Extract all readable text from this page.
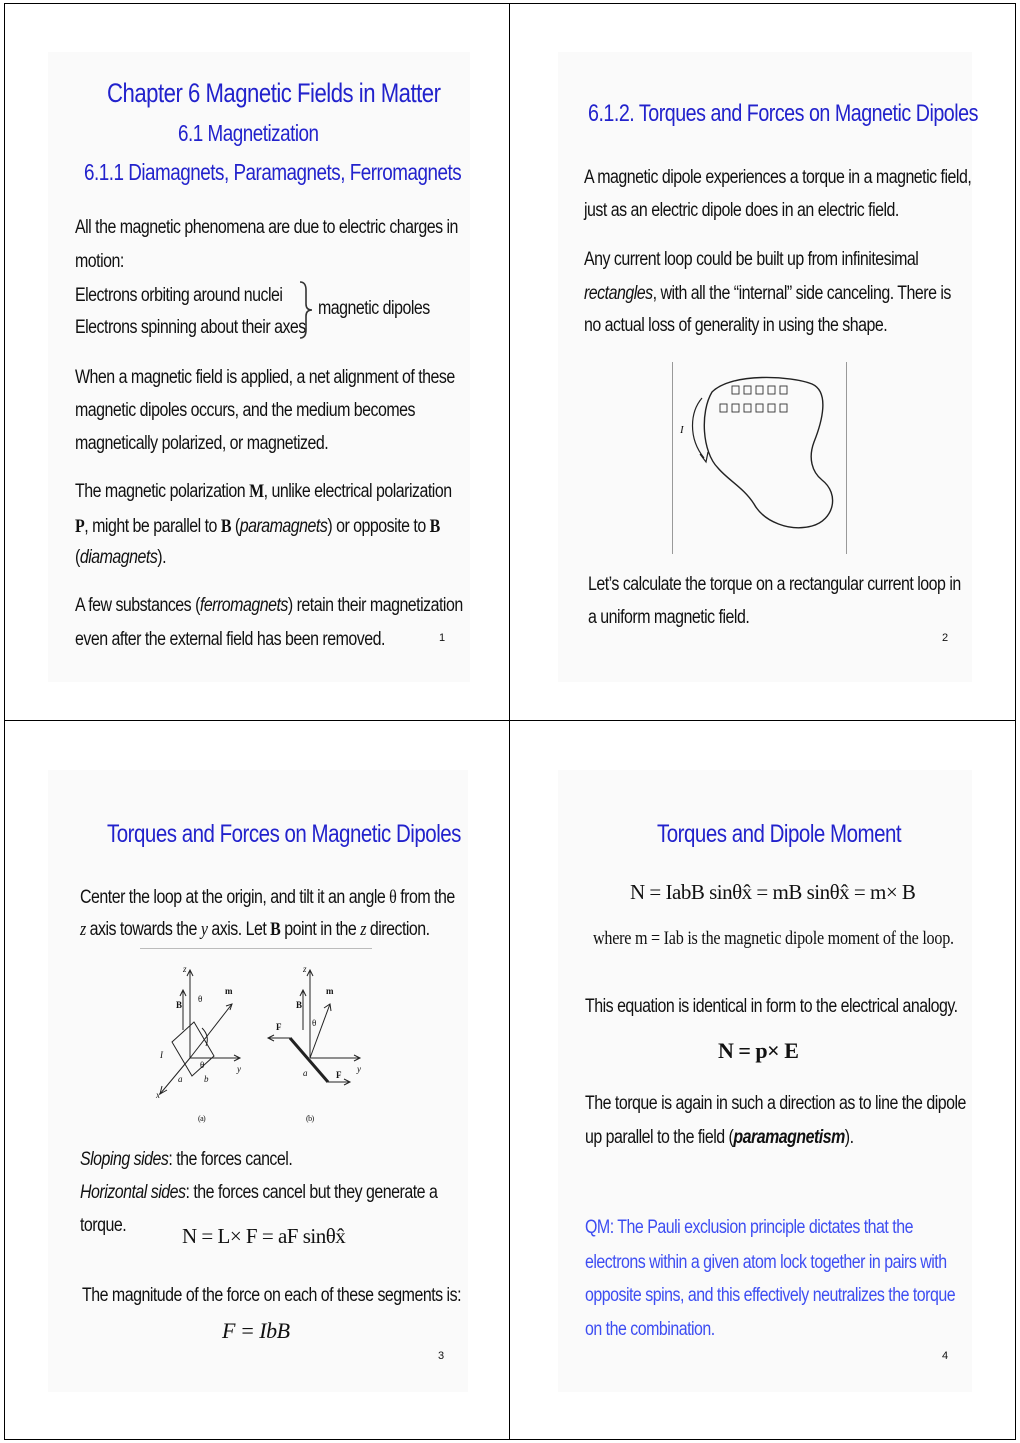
Chapter 6 Magnetic Fields in Matter
6.1 Magnetization
6.1.1 Diamagnets, Paramagnets, Ferromagnets
All the magnetic phenomena are due to electric charges in
motion:
Electrons orbiting around nuclei
Electrons spinning about their axes
magnetic dipoles
When a magnetic field is applied, a net alignment of these
magnetic dipoles occurs, and the medium becomes
magnetically polarized, or magnetized.
The magnetic polarization M, unlike electrical polarization
P, might be parallel to B (paramagnets) or opposite to B
(diamagnets).
A few substances (ferromagnets) retain their magnetization
even after the external field has been removed.	1
6.1.2. Torques and Forces on Magnetic Dipoles
A magnetic dipole experiences a torque in a magnetic field,
just as an electric dipole does in an electric field.
Any current loop could be built up from infinitesimal
rectangles, with all the “internal” side canceling. There is
no actual loss of generality in using the shape.
I
Let’s calculate the torque on a rectangular current loop in
a uniform magnetic field.
2
Torques and Forces on Magnetic Dipoles
Center the loop at the origin, and tilt it an angle θ from the
z axis towards the y axis. Let B point in the z direction.
z
m
θ
B
I
θ	y
a b
x
(a)
z
m
B
θ
F
y
a	F
(b)
Sloping sides: the forces cancel.
Horizontal sides: the forces cancel but they generate a
torque.	N = L× F = aF sinθx̂
The magnitude of the force on each of these segments is:
F = IbB
3
Torques and Dipole Moment
N = IabB sinθx̂ = mB sinθx̂ = m× B
where m = Iab is the magnetic dipole moment of the loop.
This equation is identical in form to the electrical analogy.
N = p× E
The torque is again in such a direction as to line the dipole
up parallel to the field (paramagnetism).
QM: The Pauli exclusion principle dictates that the
electrons within a given atom lock together in pairs with
opposite spins, and this effectively neutralizes the torque
on the combination.
4
